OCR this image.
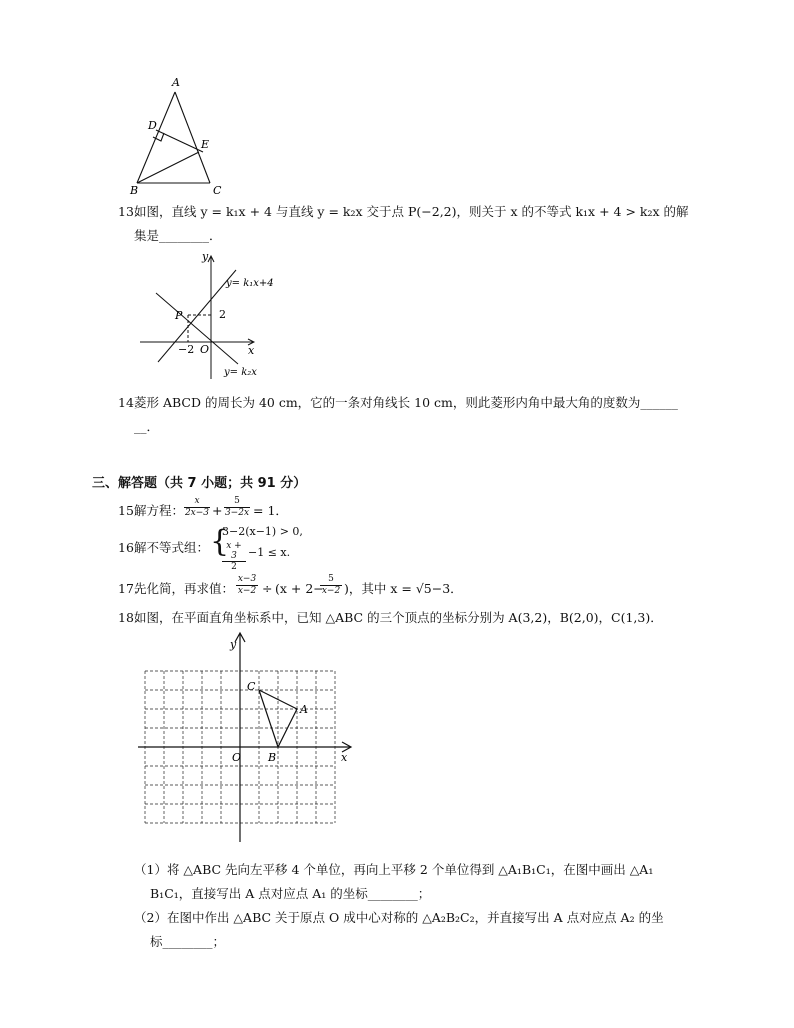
A
D
E
B	C
13.
如图，直线 y = k₁x + 4 与直线 y = k₂x 交于点 P(−2,2)，则关于 x 的不等式 k₁x + 4 > k₂x 的解
集是________．
y
x
y= k₁x+4
y= k₂x
P
O
−2
2
14.
菱形 ABCD 的周长为 40 cm，它的一条对角线长 10 cm，则此菱形内角中最大角的度数为______
__．
三、解答题（共 7 小题；共 91 分）
15.
解方程： $\frac{x}{2x-3} + \frac{5}{3-2x} = 1$．
16.
解不等式组： {
3−2(x−1) > 0,
$\frac{x + 3}{2} -1 \le x$.
17.
先化简，再求值： $\frac{x-3}{x-2} \div (x + 2-$
$\frac{5}{x-2}$ )，其中 x = √5−3．
18.
如图，在平面直角坐标系中，已知 △ABC 的三个顶点的坐标分别为 A(3,2)，B(2,0)，C(1,3)．
y
x
O
A
B
C
（1）将 △ABC 先向左平移 4 个单位，再向上平移 2 个单位得到 △A₁B₁C₁，在图中画出 △A₁
B₁C₁，直接写出 A 点对应点 A₁ 的坐标________；
（2）在图中作出 △ABC 关于原点 O 成中心对称的 △A₂B₂C₂，并直接写出 A 点对应点 A₂ 的坐
标________；
